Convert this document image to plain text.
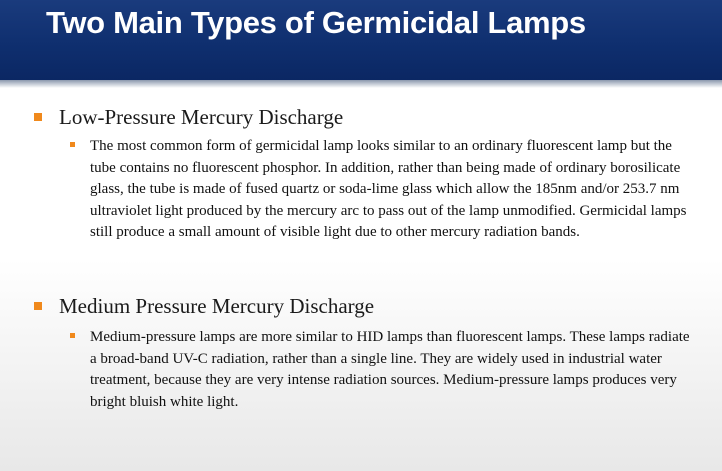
Two Main Types of Germicidal Lamps
Low-Pressure Mercury Discharge

The most common form of germicidal lamp looks similar to an ordinary fluorescent lamp but the tube contains no fluorescent phosphor. In addition, rather than being made of ordinary borosilicate glass, the tube is made of fused quartz or soda-lime glass which allow the 185nm and/or 253.7 nm ultraviolet light produced by the mercury arc to pass out of the lamp unmodified. Germicidal lamps still produce a small amount of visible light due to other mercury radiation bands.

Medium Pressure Mercury Discharge

Medium-pressure lamps are more similar to HID lamps than fluorescent lamps. These lamps radiate a broad-band UV-C radiation, rather than a single line. They are widely used in industrial water treatment, because they are very intense radiation sources. Medium-pressure lamps produces very bright bluish white light.
